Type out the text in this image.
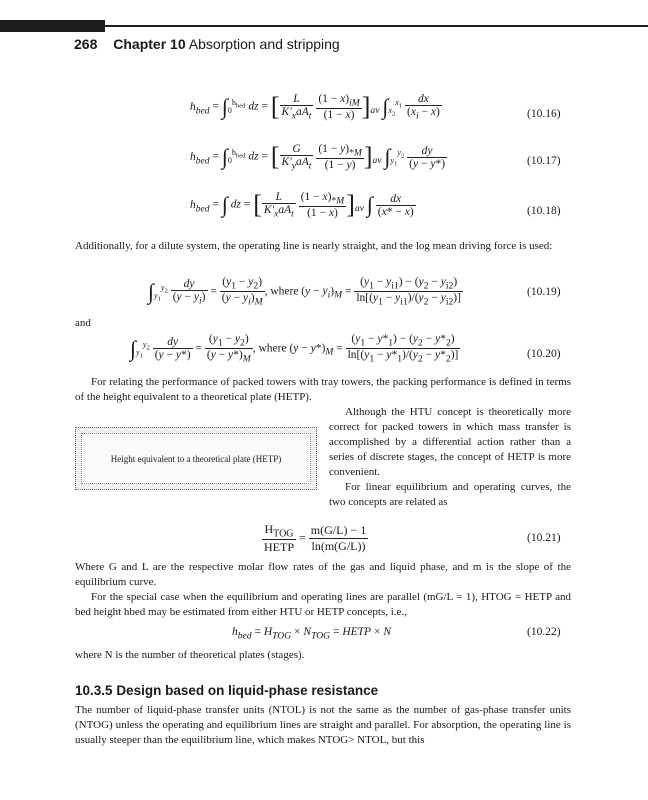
268 Chapter 10 Absorption and stripping
$h_{bed} = \int_0^{h_{bed}}$ dz = [ $\frac{L}{K'_xaA_t}$
$\frac{(1 - x)_{iM}}{(1 - x)} ]_{av}$ $\int_{x_2}^{x_1} \frac{dx}{(x_i - x)}$	(10.16)
$h_{bed} = \int_0^{h_{bed}}$ dz = [ $\frac{G}{K'_yaA_t}$
$\frac{(1 - y)_{*M}}{(1 - y)} ]_{av}$ $\int_{y_1}^{y_2} \frac{dy}{(y - y*)}$	(10.17)
$h_{bed}$ = ∫ dz = [ $\frac{L}{K'_xaA_t}$
$\frac{(1 - x)_{*M}}{(1 - x)} ]_{av}$ ∫ $\frac{dx}{(x* - x)}$	(10.18)
Additionally, for a dilute system, the operating line is nearly straight, and the log mean driving force is used:
$\int_{y_1}^{y_2} \frac{dy}{(y - y_i)} = \frac{(y_1 - y_2)}{(y - y_i)_M}$ , where $(y - y_i)_M = \frac{(y_1 - y_{i1}) - (y_2 - y_{i2})}{\ln[(y_1 - y_{i1})/(y_2 - y_{i2})]}$	(10.19)
and
$\int_{y_1}^{y_2} \frac{dy}{(y - y*)} = \frac{(y_1 - y_2)}{(y - y*)_M}$ , where $(y - y*)_M = \frac{(y_1 - y*_1) - (y_2 - y*_2)}{\ln[(y_1 - y*_1)/(y_2 - y*_2)]}$	(10.20)
For relating the performance of packed towers with tray towers, the packing performance is defined in terms of the height equivalent to a theoretical plate (HETP).
Height equivalent to a theoretical plate (HETP)
Although the HTU concept is theoretically more correct for packed towers in which mass transfer is accomplished by a differential action rather than a series of discrete stages, the concept of HETP is more convenient.
For linear equilibrium and operating curves, the two concepts are related as
$\frac{H_{TOG}}{\text{HETP}} = \frac{m(G/L) - 1}{\ln(m(G/L))}$	(10.21)
Where G and L are the respective molar flow rates of the gas and liquid phase, and m is the slope of the equilibrium curve.
For the special case when the equilibrium and operating lines are parallel (mG/L = 1), HTOG = HETP and bed height hbed may be estimated from either HTU or HETP concepts, i.e.,
$h_{bed} = H_{TOG} \times N_{TOG}$ = HETP × N	(10.22)
where N is the number of theoretical plates (stages).
10.3.5 Design based on liquid-phase resistance
The number of liquid-phase transfer units (NTOL) is not the same as the number of gas-phase transfer units (NTOG) unless the operating and equilibrium lines are straight and parallel. For absorption, the operating line is usually steeper than the equilibrium line, which makes NTOG> NTOL, but this
